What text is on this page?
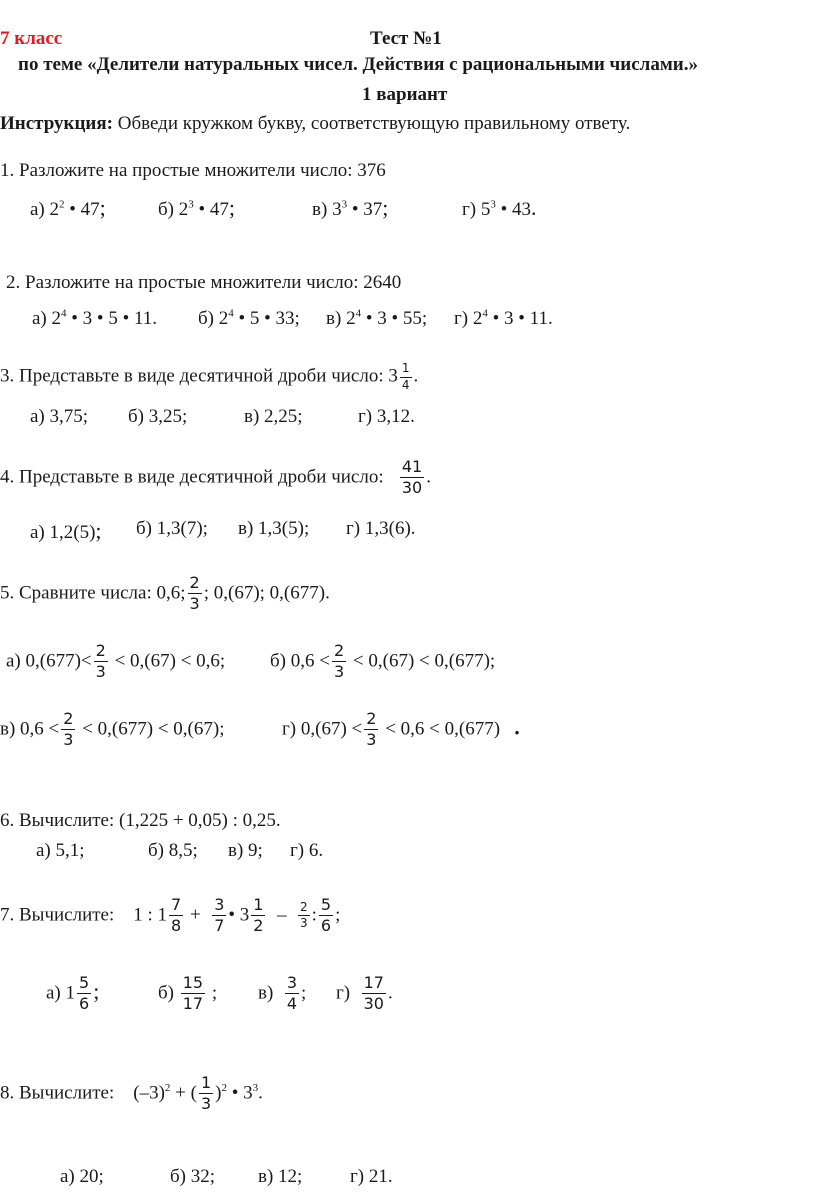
7 класс	Тест №1
по теме «Делители натуральных чисел. Действия с рациональными числами.»
1 вариант
Инструкция: Обведи кружком букву, соответствующую правильному ответу.
1. Разложите на простые множители число: 376
а) $2^2$ • 47;	б) $2^3$ • 47;	в) $3^3$ • 37;	г) $5^3$ • 43.
2. Разложите на простые множители число: 2640
а) $2^4$ • 3 • 5 • 11. б) $2^4$ • 5 • 33; в) $2^4$ • 3 • 55; г) $2^4$ • 3 • 11.
3. Представьте в виде десятичной дроби число: $3 \frac{1}{4}$ .
а) 3,75; б) 3,25;	в) 2,25;	г) 3,12.
4. Представьте в виде десятичной дроби число: $\frac{41}{30}$ .
а) 1,2(5); б) 1,3(7); в) 1,3(5); г) 1,3(6).
5. Сравните числа: 0,6; $\frac{2}{3}$ ; 0,(67); 0,(677).
а) $0,(677)< \frac{2}{3} < 0,(67) < 0,6$; б) $0,6 < \frac{2}{3} < 0,(67) < 0,(677)$;
в) $0,6 < \frac{2}{3} < 0,(677) < 0,(67)$;	г) $0,(67) < \frac{2}{3} < 0,6 < 0,(677)$ .
6. Вычислите: (1,225 + 0,05) : 0,25.
а) 5,1;	б) 8,5; в) 9; г) 6.
7. Вычислите: 1 : $1 \frac{7}{8} + \frac{3}{7}$ • $3 \frac{1}{2} - \frac{2}{3}$ : $\frac{5}{6}$ ;
а) $1 \frac{5}{6}$ ;	$б) \frac{15}{17}$ ; $в) \frac{3}{4}$ ; $г) \frac{17}{30}$ .
8. Вычислите: $(-3)^2$ + ( $\frac{1}{3} )^2$ • $3^3$.
а) 20;	б) 32; в) 12;	г) 21.
